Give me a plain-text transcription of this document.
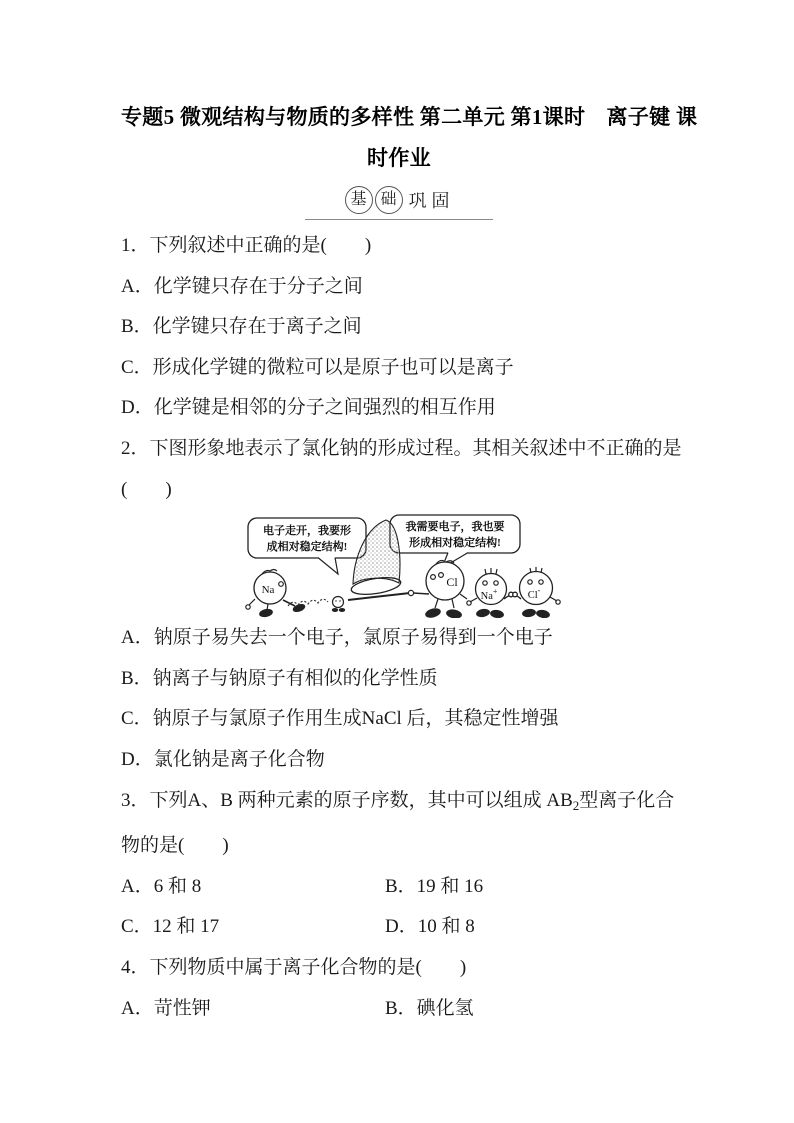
专题5 微观结构与物质的多样性 第二单元 第1课时　离子键 课
时作业
基 础 巩固
1．下列叙述中正确的是(　　)
A．化学键只存在于分子之间
B．化学键只存在于离子之间
C．形成化学键的微粒可以是原子也可以是离子
D．化学键是相邻的分子之间强烈的相互作用
2．下图形象地表示了氯化钠的形成过程。其相关叙述中不正确的是
(　　)
电子走开，我要形
成相对稳定结构!
我需要电子，我也要
形成相对稳定结构!
Na
Cl
Na+	Cl-
A．钠原子易失去一个电子，氯原子易得到一个电子
B．钠离子与钠原子有相似的化学性质
C．钠原子与氯原子作用生成NaCl 后，其稳定性增强
D．氯化钠是离子化合物
3．下列A、B 两种元素的原子序数，其中可以组成 $AB_2$型离子化合
物的是(　　)
A．6 和 8	B．19 和 16
C．12 和 17	D．10 和 8
4．下列物质中属于离子化合物的是(　　)
A．苛性钾	B．碘化氢
